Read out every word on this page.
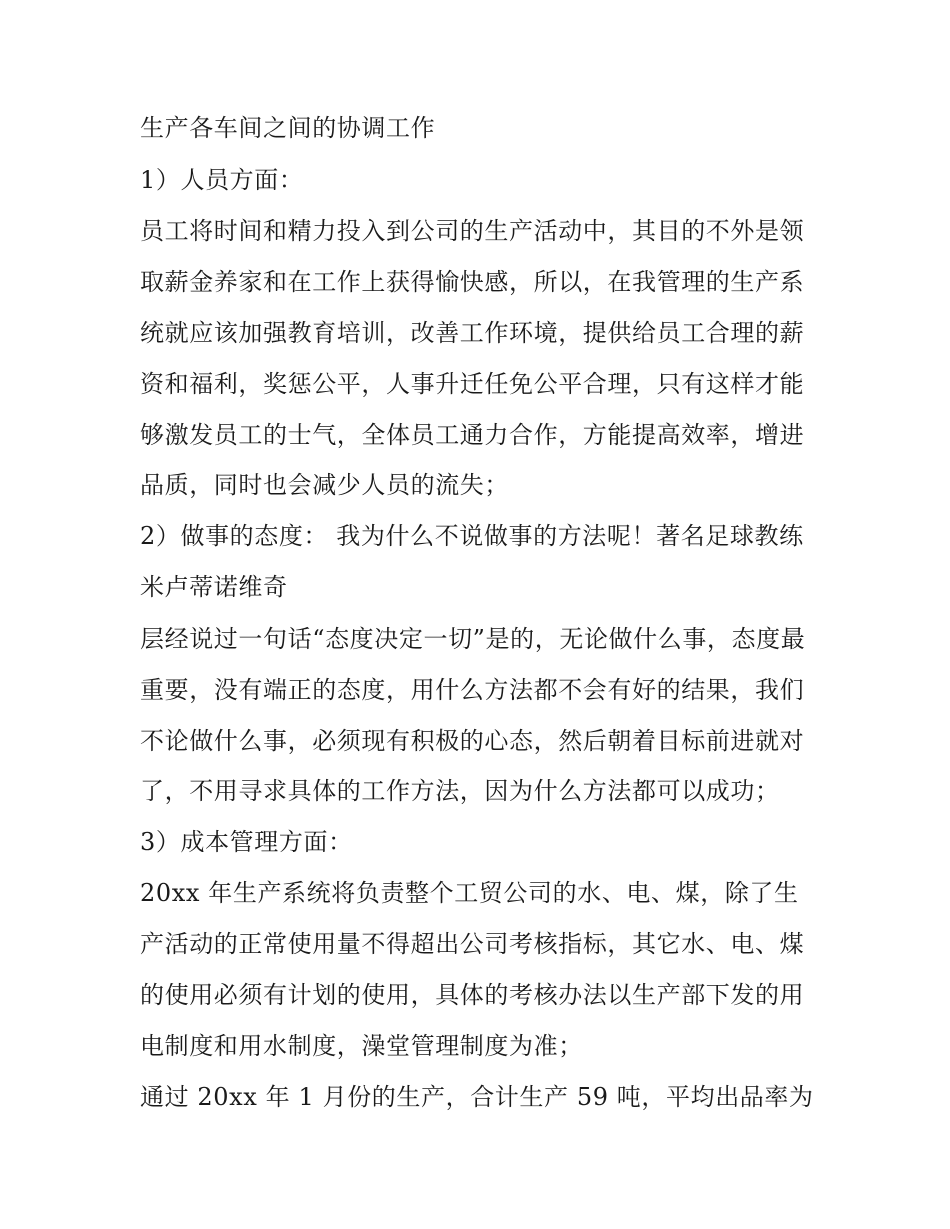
生产各车间之间的协调工作
1）人员方面：
员工将时间和精力投入到公司的生产活动中，其目的不外是领
取薪金养家和在工作上获得愉快感，所以，在我管理的生产系
统就应该加强教育培训，改善工作环境，提供给员工合理的薪
资和福利，奖惩公平，人事升迁任免公平合理，只有这样才能
够激发员工的士气，全体员工通力合作，方能提高效率，增进
品质，同时也会减少人员的流失；
2）做事的态度： 我为什么不说做事的方法呢！著名足球教练
米卢蒂诺维奇
层经说过一句话“态度决定一切”是的，无论做什么事，态度最
重要，没有端正的态度，用什么方法都不会有好的结果，我们
不论做什么事，必须现有积极的心态，然后朝着目标前进就对
了，不用寻求具体的工作方法，因为什么方法都可以成功；
3）成本管理方面：
20xx 年生产系统将负责整个工贸公司的水、电、煤，除了生
产活动的正常使用量不得超出公司考核指标，其它水、电、煤
的使用必须有计划的使用，具体的考核办法以生产部下发的用
电制度和用水制度，澡堂管理制度为准；
通过 20xx 年 1 月份的生产，合计生产 59 吨，平均出品率为
